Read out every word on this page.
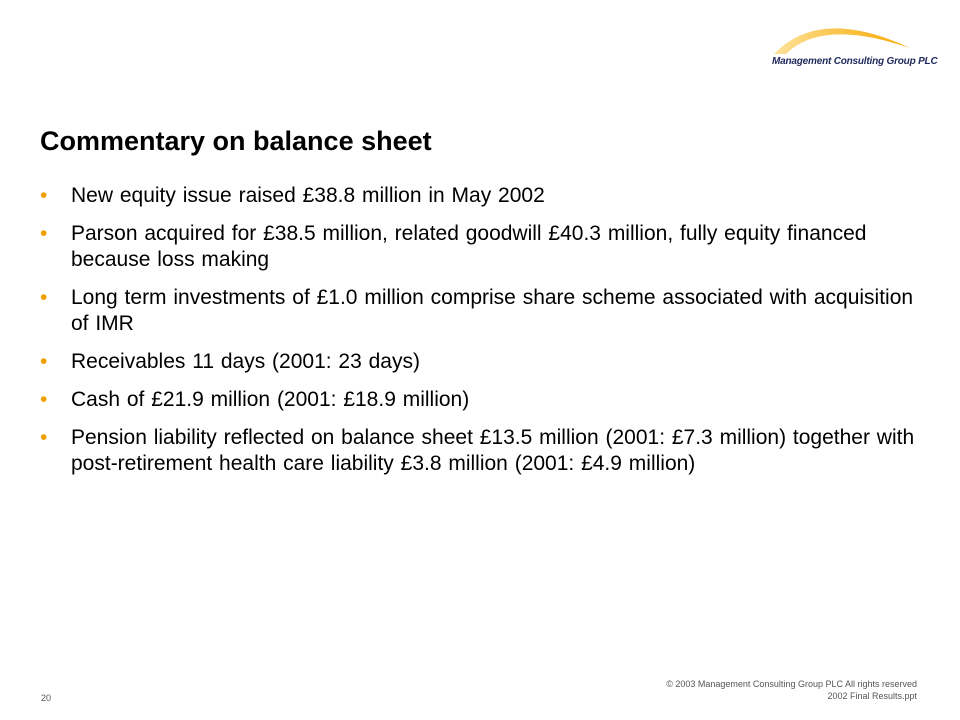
Management Consulting Group PLC
Commentary on balance sheet
• New equity issue raised £38.8 million in May 2002
• Parson acquired for £38.5 million, related goodwill £40.3 million, fully equity financed because loss making
• Long term investments of £1.0 million comprise share scheme associated with acquisition of IMR
• Receivables 11 days (2001: 23 days)
• Cash of £21.9 million (2001: £18.9 million)
• Pension liability reflected on balance sheet £13.5 million (2001: £7.3 million) together with post-retirement health care liability £3.8 million (2001: £4.9 million)
20
© 2003 Management Consulting Group PLC All rights reserved
2002 Final Results.ppt
